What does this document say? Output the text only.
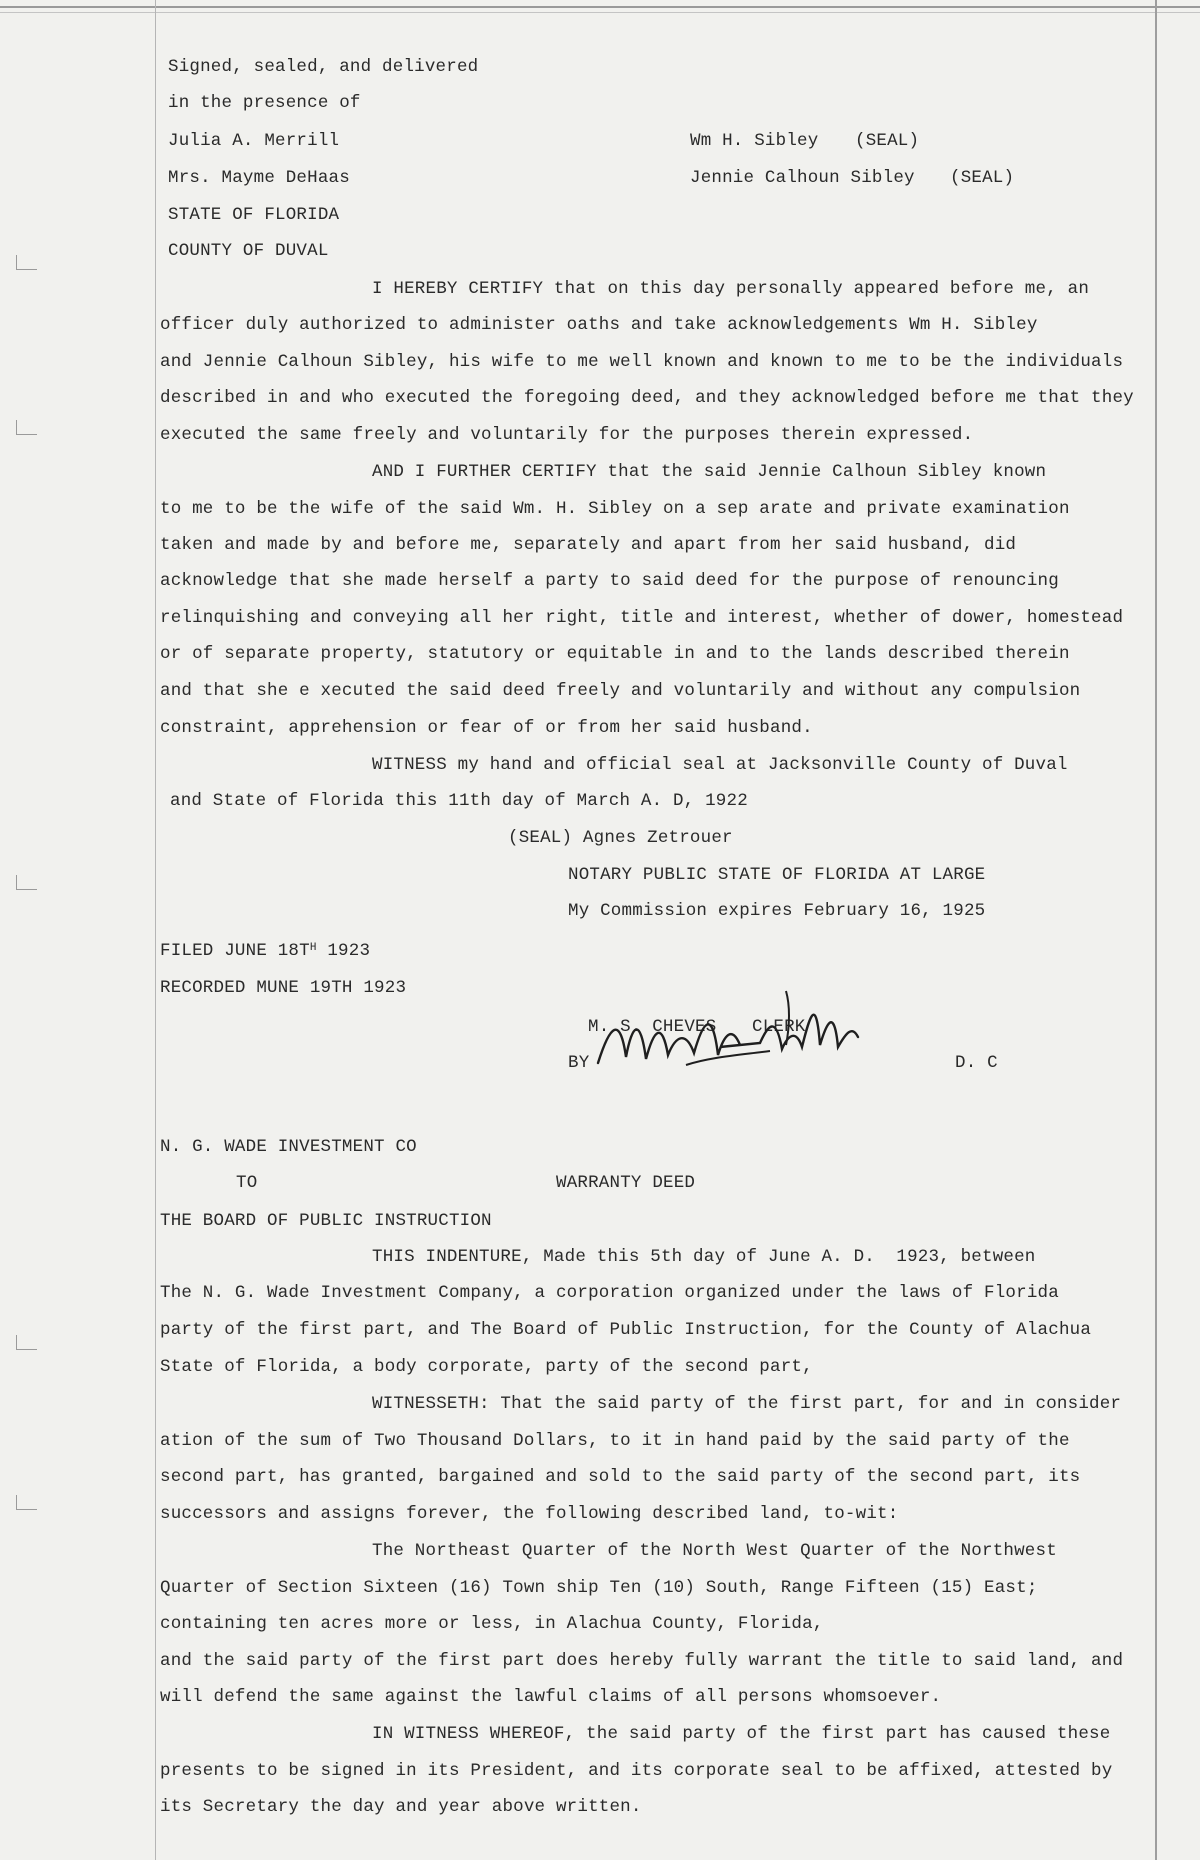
Signed, sealed, and delivered
in the presence of
Julia A. Merrill	Wm H. Sibley (SEAL)
Mrs. Mayme DeHaas	Jennie Calhoun Sibley (SEAL)
STATE OF FLORIDA
COUNTY OF DUVAL
I HEREBY CERTIFY that on this day personally appeared before me, an
officer duly authorized to administer oaths and take acknowledgements Wm H. Sibley
and Jennie Calhoun Sibley, his wife to me well known and known to me to be the individuals
described in and who executed the foregoing deed, and they acknowledged before me that they
executed the same freely and voluntarily for the purposes therein expressed.
AND I FURTHER CERTIFY that the said Jennie Calhoun Sibley known
to me to be the wife of the said Wm. H. Sibley on a sep arate and private examination
taken and made by and before me, separately and apart from her said husband, did
acknowledge that she made herself a party to said deed for the purpose of renouncing
relinquishing and conveying all her right, title and interest, whether of dower, homestead
or of separate property, statutory or equitable in and to the lands described therein
and that she e xecuted the said deed freely and voluntarily and without any compulsion
constraint, apprehension or fear of or from her said husband.
WITNESS my hand and official seal at Jacksonville County of Duval
and State of Florida this 11th day of March A. D, 1922
(SEAL) Agnes Zetrouer
NOTARY PUBLIC STATE OF FLORIDA AT LARGE
My Commission expires February 16, 1925
FILED JUNE $18T^H$ 1923
RECORDED MUNE 19TH 1923
M. S. CHEVES CLERK
BY	D. C
N. G. WADE INVESTMENT CO
TO	WARRANTY DEED
THE BOARD OF PUBLIC INSTRUCTION
THIS INDENTURE, Made this 5th day of June A. D.  1923, between
The N. G. Wade Investment Company, a corporation organized under the laws of Florida
party of the first part, and The Board of Public Instruction, for the County of Alachua
State of Florida, a body corporate, party of the second part,
WITNESSETH: That the said party of the first part, for and in consider
ation of the sum of Two Thousand Dollars, to it in hand paid by the said party of the
second part, has granted, bargained and sold to the said party of the second part, its
successors and assigns forever, the following described land, to-wit:
The Northeast Quarter of the North West Quarter of the Northwest
Quarter of Section Sixteen (16) Town ship Ten (10) South, Range Fifteen (15) East;
containing ten acres more or less, in Alachua County, Florida,
and the said party of the first part does hereby fully warrant the title to said land, and
will defend the same against the lawful claims of all persons whomsoever.
IN WITNESS WHEREOF, the said party of the first part has caused these
presents to be signed in its President, and its corporate seal to be affixed, attested by
its Secretary the day and year above written.
